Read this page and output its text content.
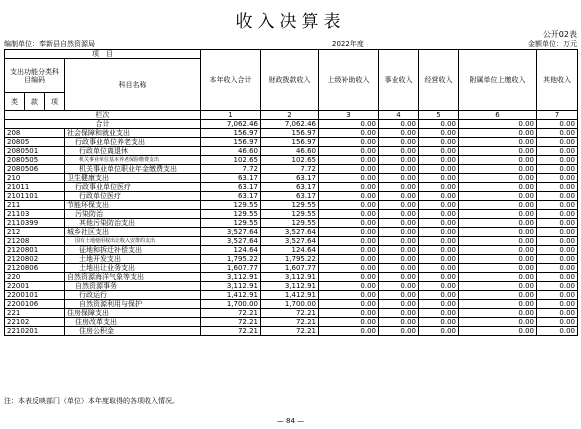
收入决算表
公开02表
编制单位：奉新县自然资源局	2022年度	金额单位：万元
项　目				本年收入合计	财政拨款收入	上级补助收入	事业收入	经营收入	附属单位上缴收入	其他收入
支出功能分类科目编码			科目名称							
类	款	项								
栏次				1	2	3	4	5	6	7
合计				7,062.46	7,062.46	0.00	0.00	0.00	0.00	0.00
208			社会保障和就业支出	156.97	156.97	0.00	0.00	0.00	0.00	0.00
20805			行政事业单位养老支出	156.97	156.97	0.00	0.00	0.00	0.00	0.00
2080501			行政单位离退休	46.60	46.60	0.00	0.00	0.00	0.00	0.00
2080505			机关事业单位基本养老保险缴费支出	102.65	102.65	0.00	0.00	0.00	0.00	0.00
2080506			机关事业单位职业年金缴费支出	7.72	7.72	0.00	0.00	0.00	0.00	0.00
210			卫生健康支出	63.17	63.17	0.00	0.00	0.00	0.00	0.00
21011			行政事业单位医疗	63.17	63.17	0.00	0.00	0.00	0.00	0.00
2101101			行政单位医疗	63.17	63.17	0.00	0.00	0.00	0.00	0.00
211			节能环保支出	129.55	129.55	0.00	0.00	0.00	0.00	0.00
21103			污染防治	129.55	129.55	0.00	0.00	0.00	0.00	0.00
2110399			其他污染防治支出	129.55	129.55	0.00	0.00	0.00	0.00	0.00
212			城乡社区支出	3,527.64	3,527.64	0.00	0.00	0.00	0.00	0.00
21208			国有土地使用权出让收入安排的支出	3,527.64	3,527.64	0.00	0.00	0.00	0.00	0.00
2120801			征地和拆迁补偿支出	124.64	124.64	0.00	0.00	0.00	0.00	0.00
2120802			土地开发支出	1,795.22	1,795.22	0.00	0.00	0.00	0.00	0.00
2120806			土地出让业务支出	1,607.77	1,607.77	0.00	0.00	0.00	0.00	0.00
220			自然资源海洋气象等支出	3,112.91	3,112.91	0.00	0.00	0.00	0.00	0.00
22001			自然资源事务	3,112.91	3,112.91	0.00	0.00	0.00	0.00	0.00
2200101			行政运行	1,412.91	1,412.91	0.00	0.00	0.00	0.00	0.00
2200106			自然资源利用与保护	1,700.00	1,700.00	0.00	0.00	0.00	0.00	0.00
221			住房保障支出	72.21	72.21	0.00	0.00	0.00	0.00	0.00
22102			住房改革支出	72.21	72.21	0.00	0.00	0.00	0.00	0.00
2210201			住房公积金	72.21	72.21	0.00	0.00	0.00	0.00	0.00
注：本表反映部门（单位）本年度取得的各项收入情况。
— 84 —
